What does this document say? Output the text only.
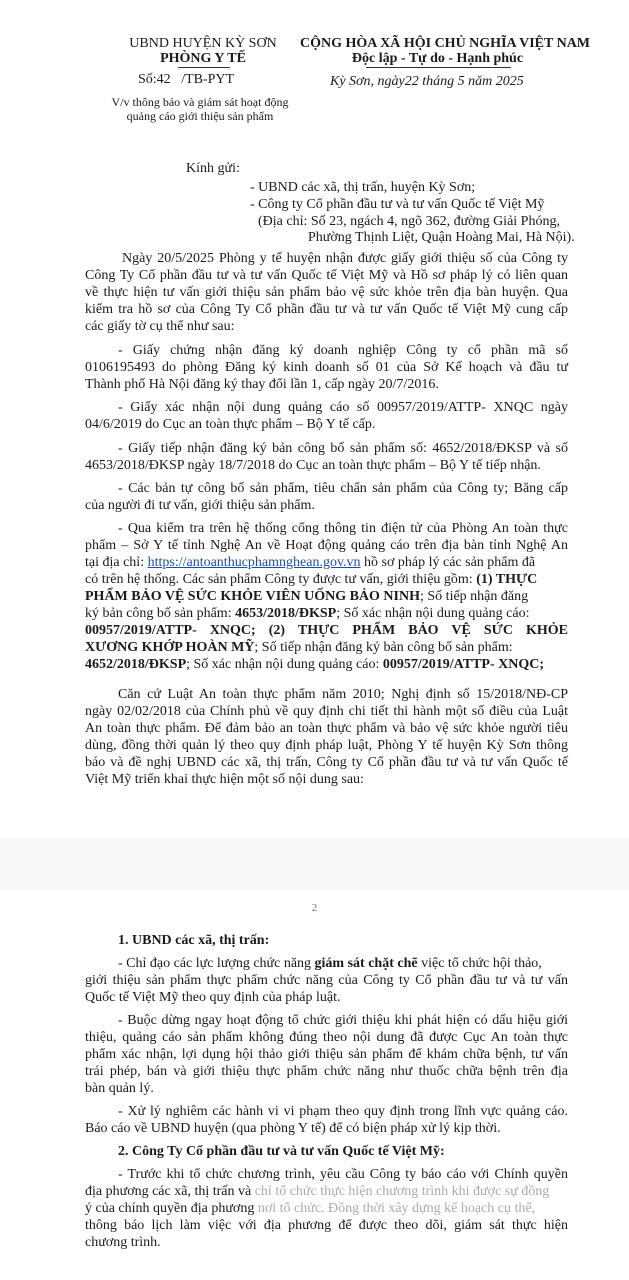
UBND HUYỆN KỲ SƠN
PHÒNG Y TẾ
Số:42 /TB-PYT
V/v thông báo và giám sát hoạt động
quảng cáo giới thiệu sản phẩm
CỘNG HÒA XÃ HỘI CHỦ NGHĨA VIỆT NAM
Độc lập - Tự do - Hạnh phúc
Kỳ Sơn, ngày22 tháng 5 năm 2025
Kính gửi:
- UBND các xã, thị trấn, huyện Kỳ Sơn;
- Công ty Cổ phần đầu tư và tư vấn Quốc tế Việt Mỹ
(Địa chỉ: Số 23, ngách 4, ngõ 362, đường Giải Phóng,
Phường Thịnh Liệt, Quận Hoàng Mai, Hà Nội).
Ngày 20/5/2025 Phòng y tế huyện nhận được giấy giới thiệu số của Công ty
Công Ty Cổ phần đầu tư và tư vấn Quốc tế Việt Mỹ và Hồ sơ pháp lý có liên quan
về thực hiện tư vấn giới thiệu sản phẩm bảo vệ sức khỏe trên địa bàn huyện. Qua
kiểm tra hồ sơ của Công Ty Cổ phần đầu tư và tư vấn Quốc tế Việt Mỹ cung cấp
các giấy tờ cụ thể như sau:
- Giấy chứng nhận đăng ký doanh nghiệp Công ty cổ phần mã số
0106195493 do phòng Đăng ký kinh doanh số 01 của Sở Kế hoạch và đầu tư
Thành phố Hà Nội đăng ký thay đổi lần 1, cấp ngày 20/7/2016.
- Giấy xác nhận nội dung quảng cáo số 00957/2019/ATTP- XNQC ngày
04/6/2019 do Cục an toàn thực phẩm – Bộ Y tế cấp.
- Giấy tiếp nhận đăng ký bản công bố sản phẩm số: 4652/2018/ĐKSP và số
4653/2018/ĐKSP ngày 18/7/2018 do Cục an toàn thực phẩm – Bộ Y tế tiếp nhận.
- Các bản tự công bố sản phẩm, tiêu chẩn sản phẩm của Công ty; Băng cấp
của người đi tư vấn, giới thiệu sản phẩm.
- Qua kiểm tra trên hệ thống cổng thông tin điện tử của Phòng An toàn thực
phẩm – Sở Y tế tỉnh Nghệ An về Hoạt động quảng cáo trên địa bàn tỉnh Nghệ An
tại địa chỉ: https://antoanthucphamnghean.gov.vn hồ sơ pháp lý các sản phẩm đã
có trên hệ thống. Các sản phẩm Công ty được tư vấn, giới thiệu gồm: (1) THỰC
PHẨM BẢO VỆ SỨC KHỎE VIÊN UỐNG BẢO NINH; Số tiếp nhận đăng
ký bản công bố sản phẩm: 4653/2018/ĐKSP; Số xác nhận nội dung quảng cáo:
00957/2019/ATTP- XNQC; (2) THỰC PHẨM BẢO VỆ SỨC KHỎE
XƯƠNG KHỚP HOÀN MỸ; Số tiếp nhận đăng ký bản công bố sản phẩm:
4652/2018/ĐKSP; Số xác nhận nội dung quảng cáo: 00957/2019/ATTP- XNQC;
Căn cứ Luật An toàn thực phẩm năm 2010; Nghị định số 15/2018/NĐ-CP
ngày 02/02/2018 của Chính phủ về quy định chi tiết thi hành một số điều của Luật
An toàn thực phẩm. Để đảm bảo an toàn thực phẩm và bảo vệ sức khỏe người tiêu
dùng, đồng thời quản lý theo quy định pháp luật, Phòng Y tế huyện Kỳ Sơn thông
báo và đề nghị UBND các xã, thị trấn, Công ty Cổ phần đầu tư và tư vấn Quốc tế
Việt Mỹ triển khai thực hiện một số nội dung sau:
2
1. UBND các xã, thị trấn:
- Chỉ đạo các lực lượng chức năng giám sát chặt chẽ việc tổ chức hội thảo,
giới thiệu sản phẩm thực phẩm chức năng của Công ty Cổ phần đầu tư và tư vấn
Quốc tế Việt Mỹ theo quy định của pháp luật.
- Buộc dừng ngay hoạt động tổ chức giới thiệu khi phát hiện có dấu hiệu giới
thiệu, quảng cáo sản phẩm không đúng theo nội dung đã được Cục An toàn thực
phẩm xác nhận, lợi dụng hội thảo giới thiệu sản phẩm để khám chữa bệnh, tư vấn
trái phép, bán và giới thiệu thực phẩm chức năng như thuốc chữa bệnh trên địa
bàn quản lý.
- Xử lý nghiêm các hành vi vi phạm theo quy định trong lĩnh vực quảng cáo.
Báo cáo về UBND huyện (qua phòng Y tế) để có biện pháp xử lý kịp thời.
2. Công Ty Cổ phần đầu tư và tư vấn Quốc tế Việt Mỹ:
- Trước khi tổ chức chương trình, yêu cầu Công ty báo cáo với Chính quyền
địa phương các xã, thị trấn và chỉ tổ chức thực hiện chương trình khi được sự đồng
ý của chính quyền địa phương nơi tổ chức. Đồng thời xây dựng kế hoạch cụ thể,
thông báo lịch làm việc với địa phương để được theo dõi, giám sát thực hiện
chương trình.
